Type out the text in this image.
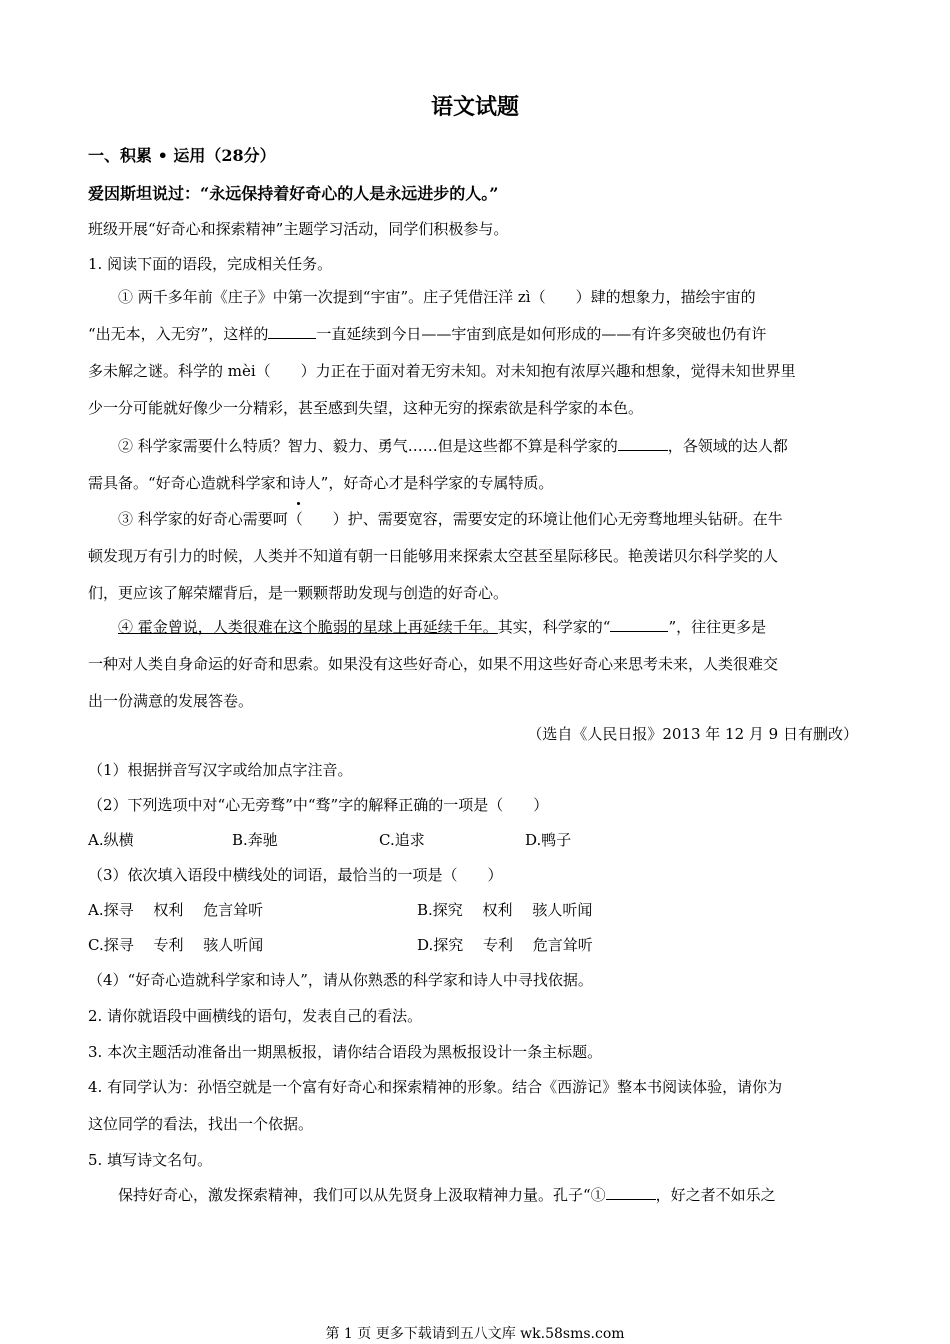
语文试题
一、积累 • 运用（28分）
爱因斯坦说过：“永远保持着好奇心的人是永远进步的人。”
班级开展“好奇心和探索精神”主题学习活动，同学们积极参与。
1. 阅读下面的语段，完成相关任务。
① 两千多年前《庄子》中第一次提到“宇宙”。庄子凭借汪洋 zì（　　）肆的想象力，描绘宇宙的
“出无本，入无穷”，这样的	一直延续到今日——宇宙到底是如何形成的——有许多突破也仍有许
多未解之谜。科学的 mèi（　　）力正在于面对着无穷未知。对未知抱有浓厚兴趣和想象，觉得未知世界里
少一分可能就好像少一分精彩，甚至感到失望，这种无穷的探索欲是科学家的本色。
② 科学家需要什么特质？智力、毅力、勇气……但是这些都不算是科学家的	，各领域的达人都
需具备。“好奇心造就科学家和诗人”，好奇心才是科学家的专属特质。
③ 科学家的好奇心需要呵（　　）护、需要宽容，需要安定的环境让他们心无旁骛地埋头钻研。在牛
顿发现万有引力的时候，人类并不知道有朝一日能够用来探索太空甚至星际移民。艳羡诺贝尔科学奖的人
们，更应该了解荣耀背后，是一颗颗帮助发现与创造的好奇心。
④ 霍金曾说，人类很难在这个脆弱的星球上再延续千年。其实，科学家的“	”，往往更多是
一种对人类自身命运的好奇和思索。如果没有这些好奇心，如果不用这些好奇心来思考未来，人类很难交
出一份满意的发展答卷。
（选自《人民日报》2013 年 12 月 9 日有删改）
（1）根据拼音写汉字或给加点字注音。
（2）下列选项中对“心无旁骛”中“骛”字的解释正确的一项是（　　）
A.纵横	B.奔驰	C.追求	D.鸭子
（3）依次填入语段中横线处的词语，最恰当的一项是（　　）
A.探寻　 权利　 危言耸听	B.探究　 权利　 骇人听闻
C.探寻　 专利　 骇人听闻	D.探究　 专利　 危言耸听
（4）“好奇心造就科学家和诗人”，请从你熟悉的科学家和诗人中寻找依据。
2. 请你就语段中画横线的语句，发表自己的看法。
3. 本次主题活动准备出一期黑板报，请你结合语段为黑板报设计一条主标题。
4. 有同学认为：孙悟空就是一个富有好奇心和探索精神的形象。结合《西游记》整本书阅读体验，请你为
这位同学的看法，找出一个依据。
5. 填写诗文名句。
保持好奇心，激发探索精神，我们可以从先贤身上汲取精神力量。孔子“①	，好之者不如乐之
第 1 页 更多下载请到五八文库 wk.58sms.com
